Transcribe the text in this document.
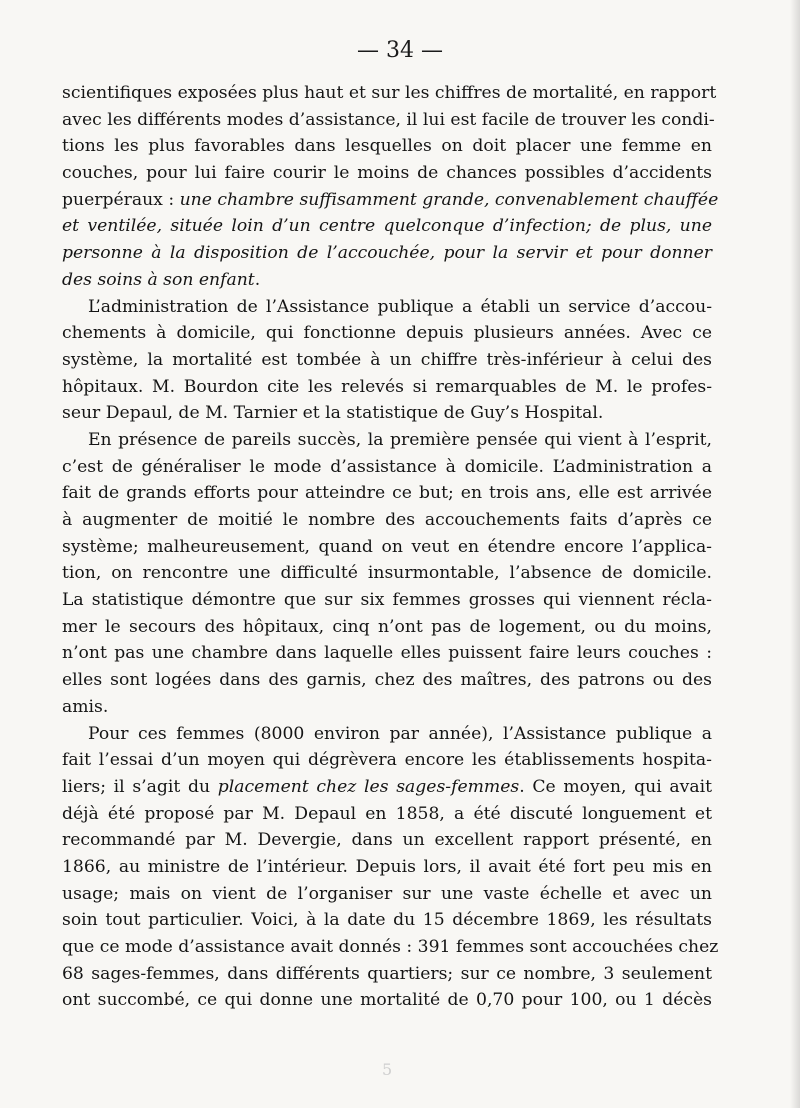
— 34 —
scientifiques exposées plus haut et sur les chiffres de mortalité, en rapport
avec les différents modes d’assistance, il lui est facile de trouver les condi-
tions les plus favorables dans lesquelles on doit placer une femme en
couches, pour lui faire courir le moins de chances possibles d’accidents
puerpéraux : une chambre suffisamment grande, convenablement chauffée
et ventilée, située loin d’un centre quelconque d’infection; de plus, une
personne à la disposition de l’accouchée, pour la servir et pour donner
des soins à son enfant.
L’administration de l’Assistance publique a établi un service d’accou-
chements à domicile, qui fonctionne depuis plusieurs années. Avec ce
système, la mortalité est tombée à un chiffre très-inférieur à celui des
hôpitaux. M. Bourdon cite les relevés si remarquables de M. le profes-
seur Depaul, de M. Tarnier et la statistique de Guy’s Hospital.
En présence de pareils succès, la première pensée qui vient à l’esprit,
c’est de généraliser le mode d’assistance à domicile. L’administration a
fait de grands efforts pour atteindre ce but; en trois ans, elle est arrivée
à augmenter de moitié le nombre des accouchements faits d’après ce
système; malheureusement, quand on veut en étendre encore l’applica-
tion, on rencontre une difficulté insurmontable, l’absence de domicile.
La statistique démontre que sur six femmes grosses qui viennent récla-
mer le secours des hôpitaux, cinq n’ont pas de logement, ou du moins,
n’ont pas une chambre dans laquelle elles puissent faire leurs couches :
elles sont logées dans des garnis, chez des maîtres, des patrons ou des
amis.
Pour ces femmes (8000 environ par année), l’Assistance publique a
fait l’essai d’un moyen qui dégrèvera encore les établissements hospita-
liers; il s’agit du placement chez les sages-femmes. Ce moyen, qui avait
déjà été proposé par M. Depaul en 1858, a été discuté longuement et
recommandé par M. Devergie, dans un excellent rapport présenté, en
1866, au ministre de l’intérieur. Depuis lors, il avait été fort peu mis en
usage; mais on vient de l’organiser sur une vaste échelle et avec un
soin tout particulier. Voici, à la date du 15 décembre 1869, les résultats
que ce mode d’assistance avait donnés : 391 femmes sont accouchées chez
68 sages-femmes, dans différents quartiers; sur ce nombre, 3 seulement
ont succombé, ce qui donne une mortalité de 0,70 pour 100, ou 1 décès
5
